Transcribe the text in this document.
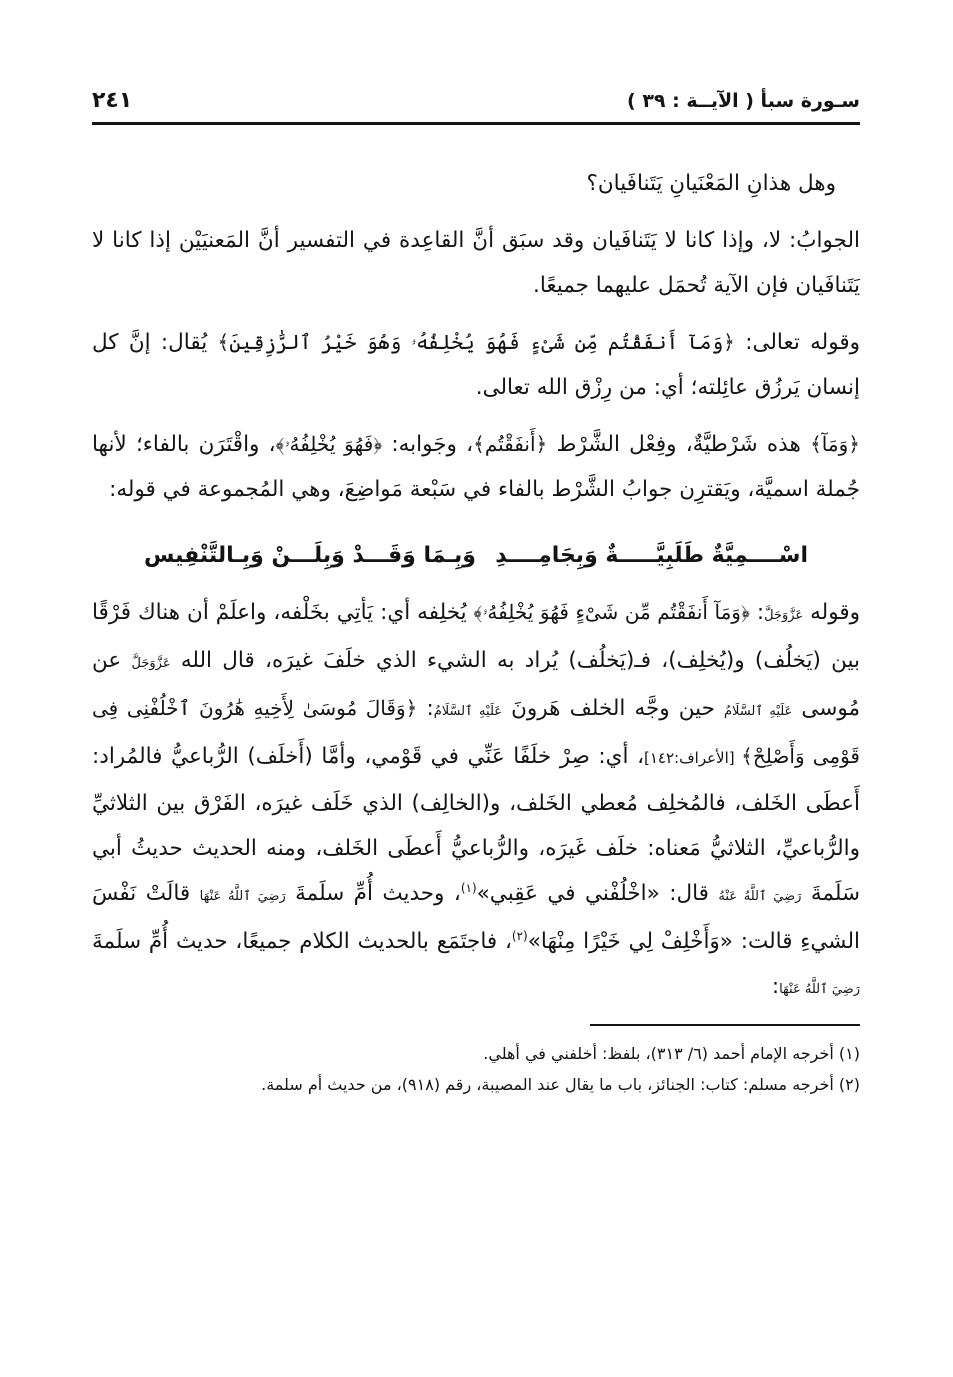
سـورة سبأ ( الآيــة : ٣٩ )
٢٤١

وهل هذانِ المَعْنَيانِ يَتَنافَيان؟

الجوابُ: لا، وإذا كانا لا يَتَنافَيان وقد سبَق أنَّ القاعِدة في التفسير أنَّ المَعنيَيْن إذا كانا لا يَتَنافَيان فإن الآية تُحمَل عليهما جميعًا.

وقوله تعالى: ﴿وَمَآ أَنفَقْتُم مِّن شَىْءٍ فَهُوَ يُخْلِفُهُۥ وَهُوَ خَيْرُ ٱلرَّٰزِقِينَ﴾ يُقال: إنَّ كل إنسان يَرزُق عائِلته؛ أي: من رِزْق الله تعالى.

﴿وَمَآ﴾ هذه شَرْطيَّةٌ، وفِعْل الشَّرْط ﴿أَنفَقْتُم﴾، وجَوابه: ﴿فَهُوَ يُخْلِفُهُۥ﴾، واقْتَرَن بالفاء؛ لأنها جُملة اسميَّة، ويَقترِن جوابُ الشَّرْط بالفاء في سَبْعة مَواضِعَ، وهي المُجموعة في قوله:

اسْــــمِيَّةٌ طَلَبِيَّـــــةٌ وَبِجَامِــــدِ
وَبِـمَا وَقَـــدْ وَبِلَـــنْ وَبِـالتَّنْفِيس

وقوله عَزَّوَجَلَّ: ﴿وَمَآ أَنفَقْتُم مِّن شَىْءٍ فَهُوَ يُخْلِفُهُۥ﴾ يُخلِفه أي: يَأتِي بخَلْفه، واعلَمْ أن هناك فَرْقًا بين (يَخلُف) و(يُخلِف)، فـ(يَخلُف) يُراد به الشيء الذي خلَفَ غيرَه، قال الله عَزَّوَجَلَّ عن مُوسى عَلَيْهِ ٱلسَّلَامُ حين وجَّه الخلف هَرونَ عَلَيْهِ ٱلسَّلَامُ: ﴿وَقَالَ مُوسَىٰ لِأَخِيهِ هَٰرُونَ ٱخْلُفْنِى فِى قَوْمِى وَأَصْلِحْ﴾ [الأعراف:١٤٢]، أي: صِرْ خلَفًا عَنِّي في قَوْمي، وأمَّا (أَخلَف) الرُّباعيُّ فالمُراد: أَعطَى الخَلف، فالمُخلِف مُعطي الخَلف، و(الخالِف) الذي خَلَف غيرَه، الفَرْق بين الثلاثيِّ والرُّباعيِّ، الثلاثيُّ مَعناه: خلَف غَيرَه، والرُّباعيُّ أَعطَى الخَلف، ومنه الحديث حديثُ أبي سَلَمةَ رَضِيَ ٱللَّهُ عَنْهُ قال: «اخْلُفْني في عَقِبي»$^{(١)}$، وحديث أُمِّ سلَمةَ رَضِيَ ٱللَّهُ عَنْهَا قالَتْ نَفْسَ الشيءِ قالت: «وَأَخْلِفْ لِي خَيْرًا مِنْهَا»$^{(٢)}$، فاجتَمَع بالحديث الكلام جميعًا، حديث أُمِّ سلَمةَ رَضِيَ ٱللَّهُ عَنْهَا:

(١) أخرجه الإمام أحمد (٦/ ٣١٣)، بلفظ: أخلفني في أهلي.

(٢) أخرجه مسلم: كتاب: الجنائز، باب ما يقال عند المصيبة، رقم (٩١٨)، من حديث أم سلمة.
